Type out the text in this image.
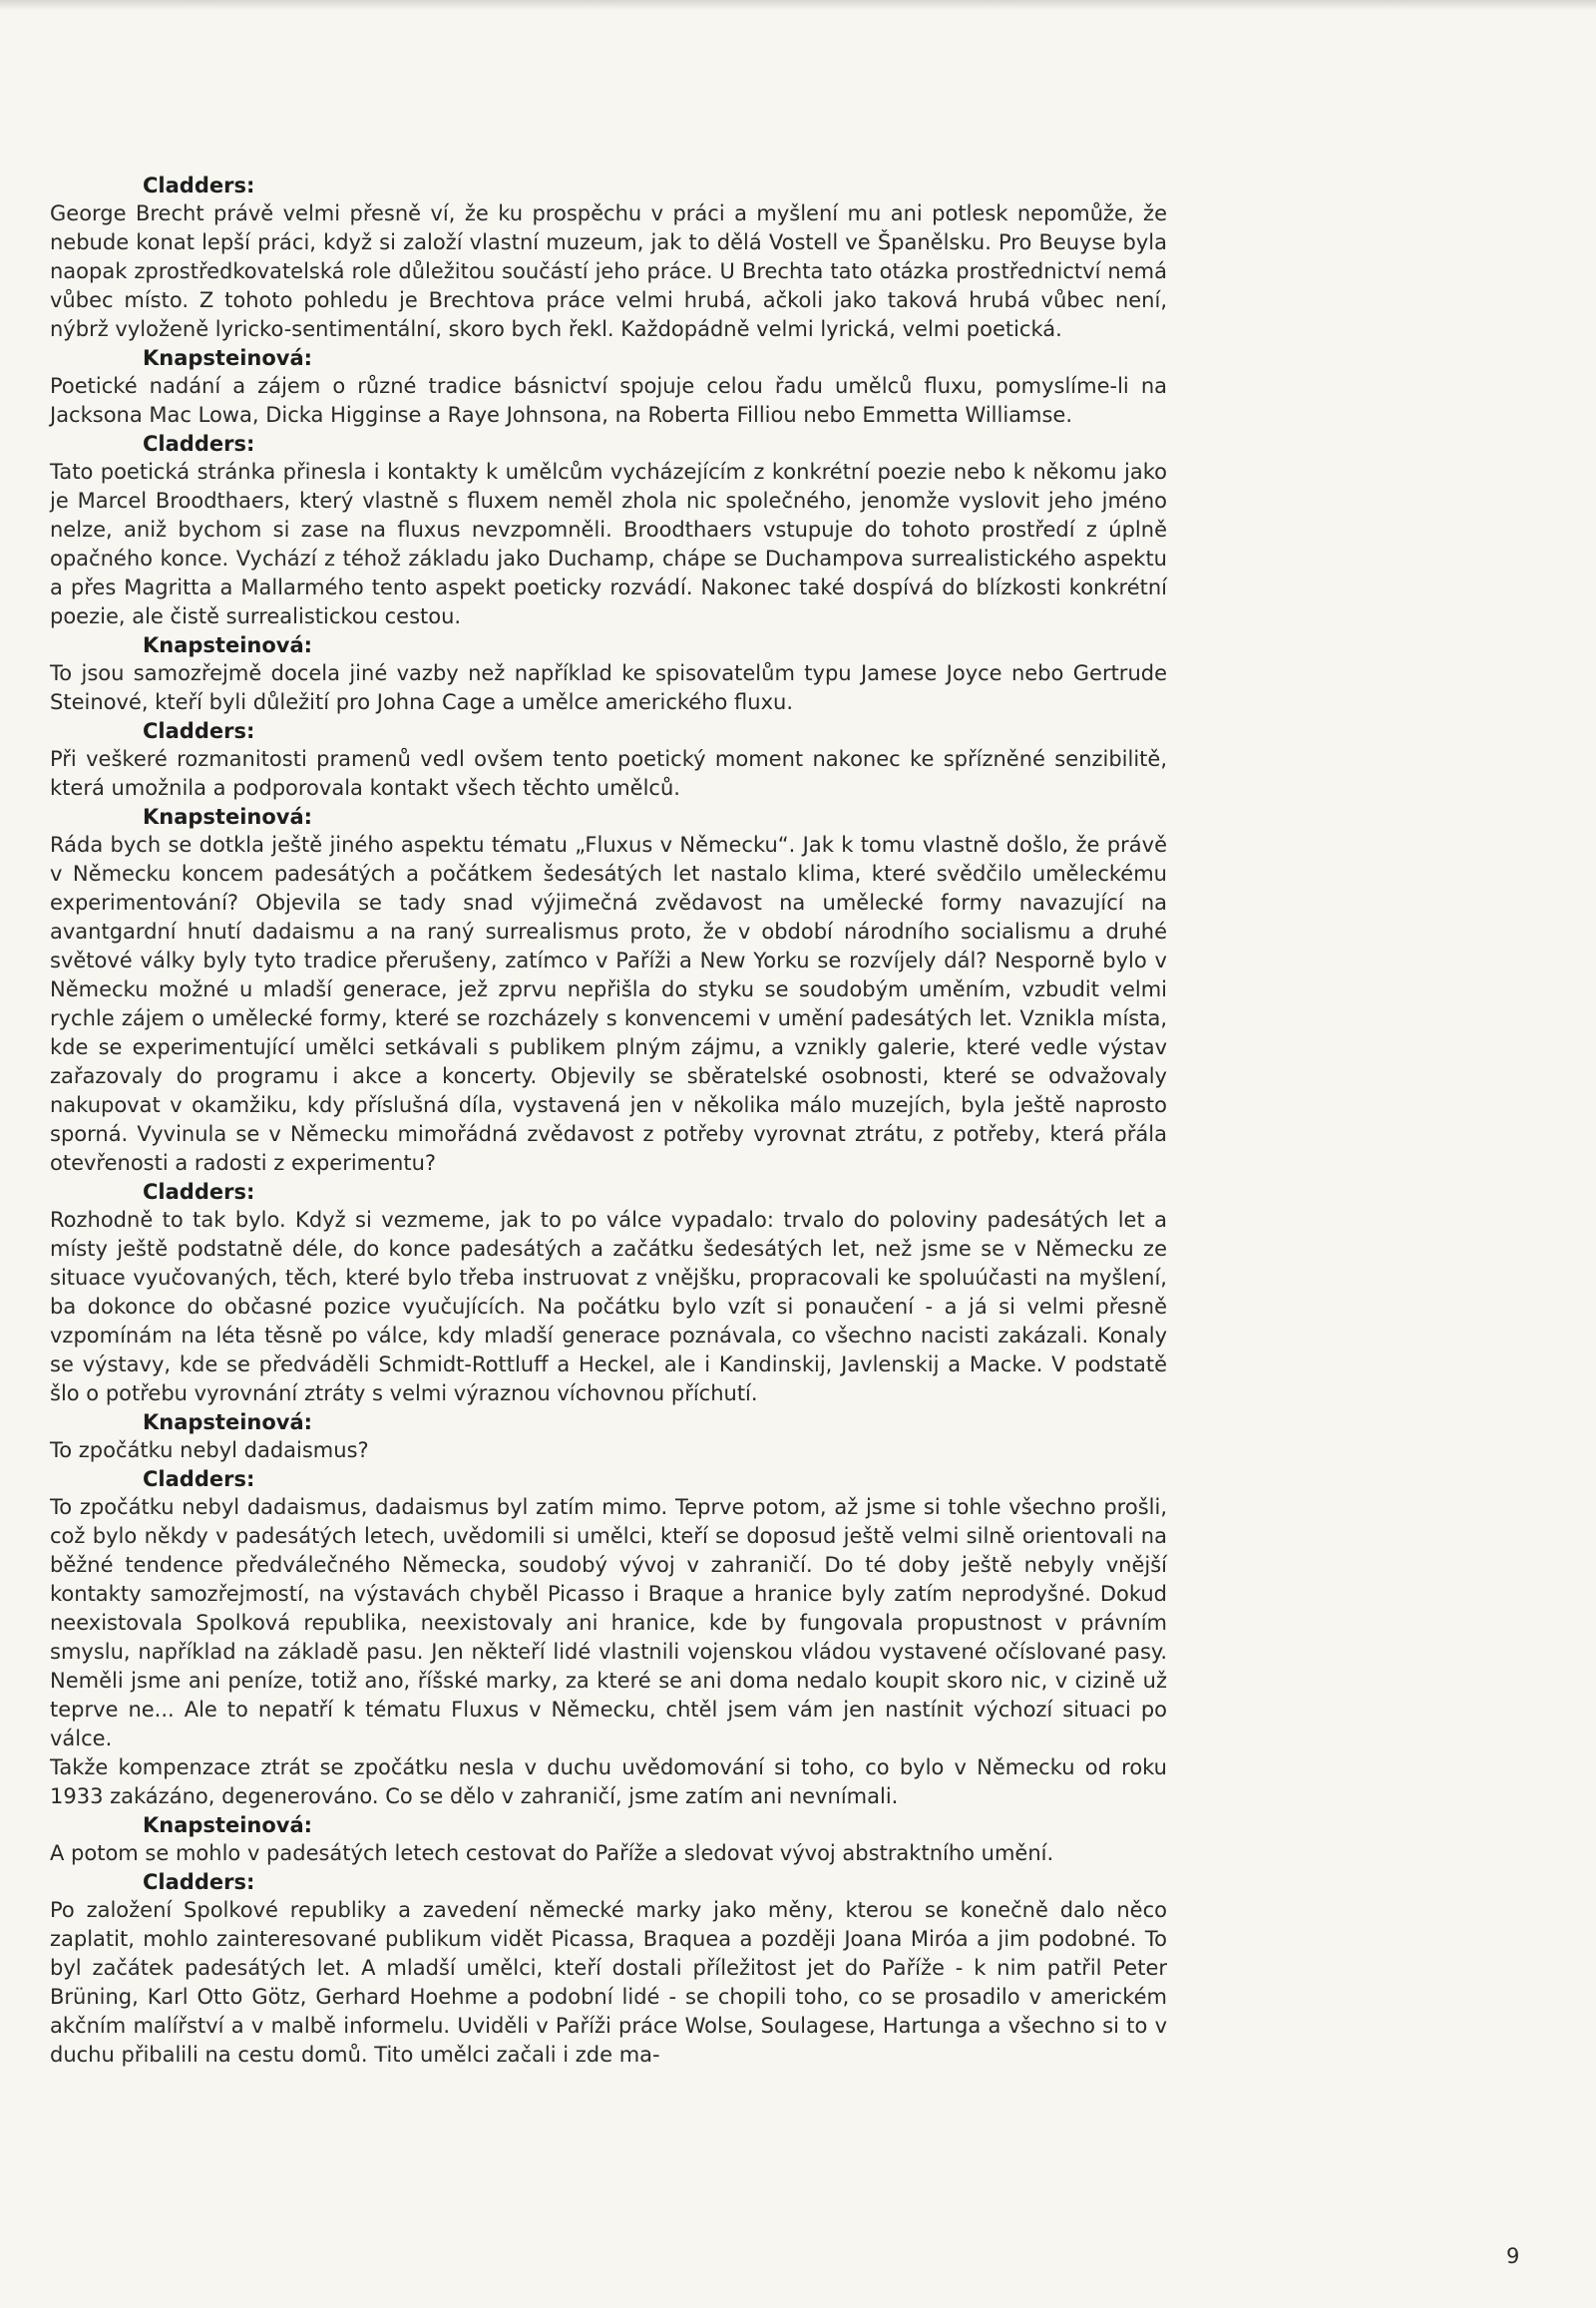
Cladders:

George Brecht právě velmi přesně ví, že ku prospěchu v práci a myšlení mu ani potlesk nepomůže, že nebude konat lepší práci, když si založí vlastní muzeum, jak to dělá Vostell ve Španělsku. Pro Beuyse byla naopak zprostředkovatelská role důležitou součástí jeho práce. U Brechta tato otázka prostřednictví nemá vůbec místo. Z tohoto pohledu je Brechtova práce velmi hrubá, ačkoli jako taková hrubá vůbec není, nýbrž vyloženě lyricko-sentimentální, skoro bych řekl. Každopádně velmi lyrická, velmi poetická.

Knapsteinová:

Poetické nadání a zájem o různé tradice básnictví spojuje celou řadu umělců fluxu, pomyslíme-li na Jacksona Mac Lowa, Dicka Higginse a Raye Johnsona, na Roberta Filliou nebo Emmetta Williamse.

Cladders:

Tato poetická stránka přinesla i kontakty k umělcům vycházejícím z konkrétní poezie nebo k někomu jako je Marcel Broodthaers, který vlastně s fluxem neměl zhola nic společného, jenomže vyslovit jeho jméno nelze, aniž bychom si zase na fluxus nevzpomněli. Broodthaers vstupuje do tohoto prostředí z úplně opačného konce. Vychází z téhož základu jako Duchamp, chápe se Duchampova surrealistického aspektu a přes Magritta a Mallarmého tento aspekt poeticky rozvádí. Nakonec také dospívá do blízkosti konkrétní poezie, ale čistě surrealistickou cestou.

Knapsteinová:

To jsou samozřejmě docela jiné vazby než například ke spisovatelům typu Jamese Joyce nebo Gertrude Steinové, kteří byli důležití pro Johna Cage a umělce amerického fluxu.

Cladders:

Při veškeré rozmanitosti pramenů vedl ovšem tento poetický moment nakonec ke spřízněné senzibilitě, která umožnila a podporovala kontakt všech těchto umělců.

Knapsteinová:

Ráda bych se dotkla ještě jiného aspektu tématu „Fluxus v Německu“. Jak k tomu vlastně došlo, že právě v Německu koncem padesátých a počátkem šedesátých let nastalo klima, které svědčilo uměleckému experimentování? Objevila se tady snad výjimečná zvědavost na umělecké formy navazující na avantgardní hnutí dadaismu a na raný surrealismus proto, že v období národního socialismu a druhé světové války byly tyto tradice přerušeny, zatímco v Paříži a New Yorku se rozvíjely dál? Nesporně bylo v Německu možné u mladší generace, jež zprvu nepřišla do styku se soudobým uměním, vzbudit velmi rychle zájem o umělecké formy, které se rozcházely s konvencemi v umění padesátých let. Vznikla místa, kde se experimentující umělci setkávali s publikem plným zájmu, a vznikly galerie, které vedle výstav zařazovaly do programu i akce a koncerty. Objevily se sběratelské osobnosti, které se odvažovaly nakupovat v okamžiku, kdy příslušná díla, vystavená jen v několika málo muzejích, byla ještě naprosto sporná. Vyvinula se v Německu mimořádná zvědavost z potřeby vyrovnat ztrátu, z potřeby, která přála otevřenosti a radosti z experimentu?

Cladders:

Rozhodně to tak bylo. Když si vezmeme, jak to po válce vypadalo: trvalo do poloviny padesátých let a místy ještě podstatně déle, do konce padesátých a začátku šedesátých let, než jsme se v Německu ze situace vyučovaných, těch, které bylo třeba instruovat z vnějšku, propracovali ke spoluúčasti na myšlení, ba dokonce do občasné pozice vyučujících. Na počátku bylo vzít si ponaučení - a já si velmi přesně vzpomínám na léta těsně po válce, kdy mladší generace poznávala, co všechno nacisti zakázali. Konaly se výstavy, kde se předváděli Schmidt-Rottluff a Heckel, ale i Kandinskij, Javlenskij a Macke. V podstatě šlo o potřebu vyrovnání ztráty s velmi výraznou víchovnou příchutí.

Knapsteinová:

To zpočátku nebyl dadaismus?

Cladders:

To zpočátku nebyl dadaismus, dadaismus byl zatím mimo. Teprve potom, až jsme si tohle všechno prošli, což bylo někdy v padesátých letech, uvědomili si umělci, kteří se doposud ještě velmi silně orientovali na běžné tendence předválečného Německa, soudobý vývoj v zahraničí. Do té doby ještě nebyly vnější kontakty samozřejmostí, na výstavách chyběl Picasso i Braque a hranice byly zatím neprodyšné. Dokud neexistovala Spolková republika, neexistovaly ani hranice, kde by fungovala propustnost v právním smyslu, například na základě pasu. Jen někteří lidé vlastnili vojenskou vládou vystavené očíslované pasy. Neměli jsme ani peníze, totiž ano, říšské marky, za které se ani doma nedalo koupit skoro nic, v cizině už teprve ne... Ale to nepatří k tématu Fluxus v Německu, chtěl jsem vám jen nastínit výchozí situaci po válce.

Takže kompenzace ztrát se zpočátku nesla v duchu uvědomování si toho, co bylo v Německu od roku 1933 zakázáno, degenerováno. Co se dělo v zahraničí, jsme zatím ani nevnímali.

Knapsteinová:

A potom se mohlo v padesátých letech cestovat do Paříže a sledovat vývoj abstraktního umění.

Cladders:

Po založení Spolkové republiky a zavedení německé marky jako měny, kterou se konečně dalo něco zaplatit, mohlo zainteresované publikum vidět Picassa, Braquea a později Joana Miróa a jim podobné. To byl začátek padesátých let. A mladší umělci, kteří dostali příležitost jet do Paříže - k nim patřil Peter Brüning, Karl Otto Götz, Gerhard Hoehme a podobní lidé - se chopili toho, co se prosadilo v americkém akčním malířství a v malbě informelu. Uviděli v Paříži práce Wolse, Soulagese, Hartunga a všechno si to v duchu přibalili na cestu domů. Tito umělci začali i zde ma-

9
